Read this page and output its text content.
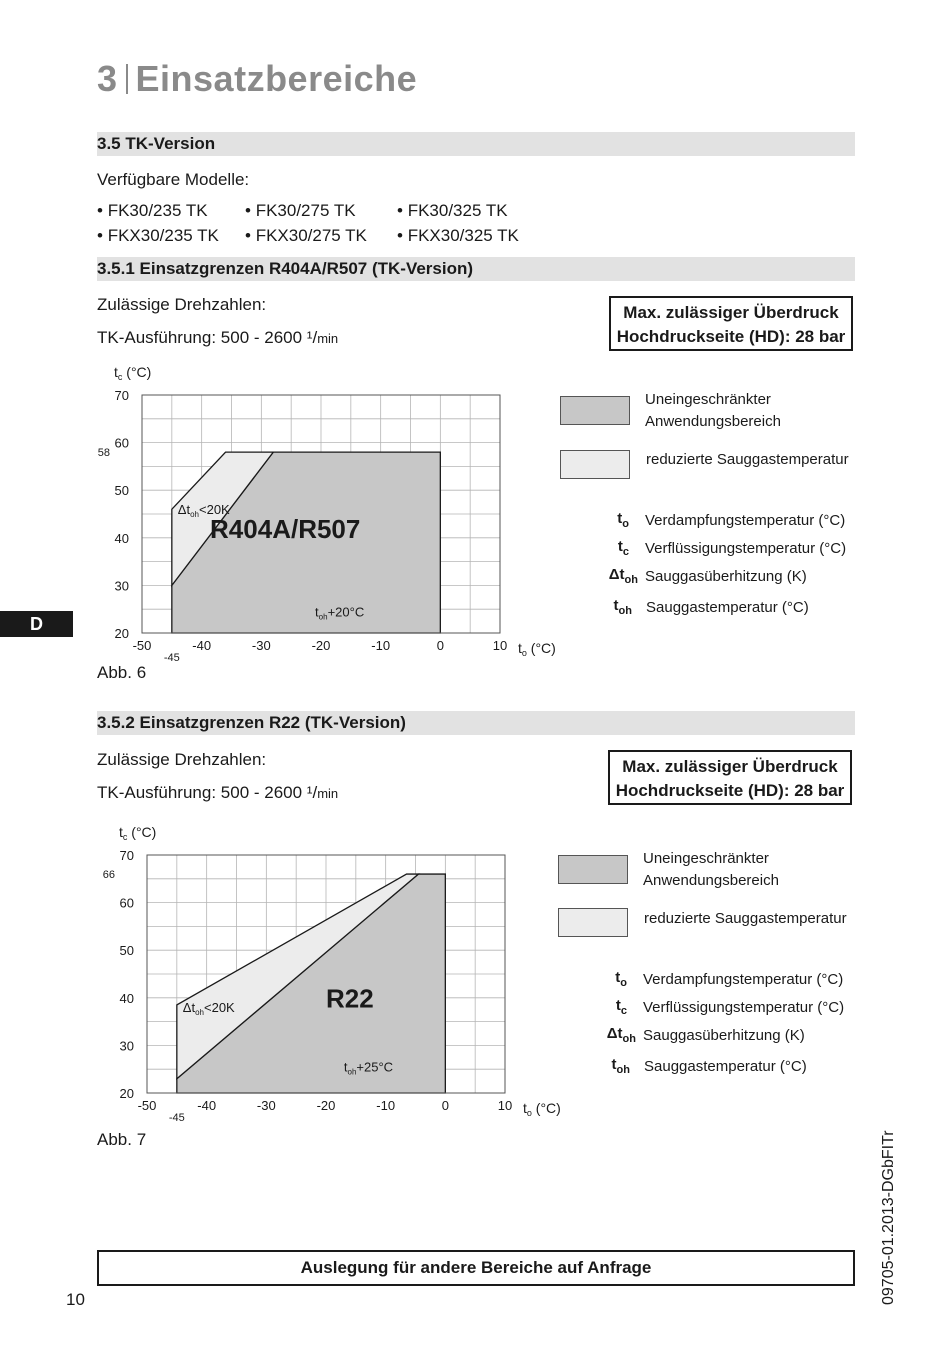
3 Einsatzbereiche
3.5 TK-Version
Verfügbare Modelle:
• FK30/235 TK	• FK30/275 TK	• FK30/325 TK
• FKX30/235 TK	• FKX30/275 TK	• FKX30/325 TK
3.5.1 Einsatzgrenzen R404A/R507 (TK-Version)
Zulässige Drehzahlen:
TK-Ausführung: 500 - 2600 ¹/min
Max. zulässiger Überdruck
Hochdruckseite (HD): 28 bar
-50	-40	-30	-20	-10	0	10
20
30
40
50
60
70
-45
58
$t_c$ (°C)
$t_o$ (°C)
R404A/R507
$\Delta t_{oh}<20K$
$t_{oh}+20^\circ C$
Abb. 6
Uneingeschränkter Anwendungsbereich
reduzierte Sauggastemperatur
$t_o$ Verdampfungstemperatur (°C)
$t_c$ Verflüssigungstemperatur (°C)
$\Delta t_{oh}$ Sauggasüberhitzung (K)
$t_{oh}$ Sauggastemperatur (°C)
D
3.5.2 Einsatzgrenzen R22 (TK-Version)
Zulässige Drehzahlen:
TK-Ausführung: 500 - 2600 ¹/min
Max. zulässiger Überdruck
Hochdruckseite (HD): 28 bar
-50	-40	-30	-20	-10	0	10
20
30
40
50
60
70
-45
66
$t_c$ (°C)
$t_o$ (°C)
R22
$\Delta t_{oh}<20K$
$t_{oh}+25^\circ C$
Abb. 7
Uneingeschränkter Anwendungsbereich
reduzierte Sauggastemperatur
$t_o$ Verdampfungstemperatur (°C)
$t_c$ Verflüssigungstemperatur (°C)
$\Delta t_{oh}$ Sauggasüberhitzung (K)
$t_{oh}$ Sauggastemperatur (°C)
Auslegung für andere Bereiche auf Anfrage
10	09705-01.2013-DGbFITr
